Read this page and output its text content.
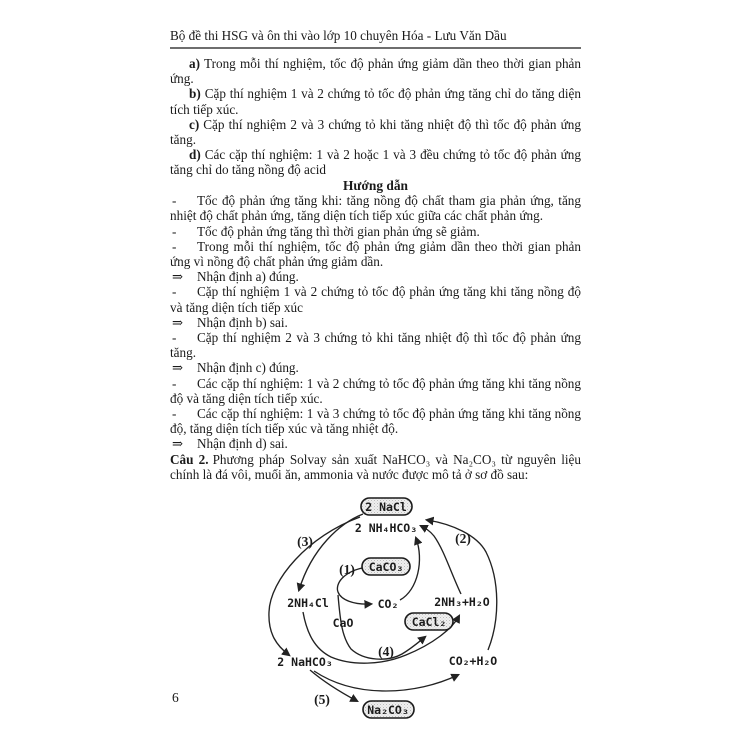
Bộ đề thi HSG và ôn thi vào lớp 10 chuyên Hóa - Lưu Văn Dầu

a) Trong mỗi thí nghiệm, tốc độ phản ứng giảm dần theo thời gian phản ứng.

b) Cặp thí nghiệm 1 và 2 chứng tỏ tốc độ phản ứng tăng chỉ do tăng diện tích tiếp xúc.

c) Cặp thí nghiệm 2 và 3 chứng tỏ khi tăng nhiệt độ thì tốc độ phản ứng tăng.

d) Các cặp thí nghiệm: 1 và 2 hoặc 1 và 3 đều chứng tỏ tốc độ phản ứng tăng chỉ do tăng nồng độ acid

Hướng dẫn

- Tốc độ phản ứng tăng khi: tăng nồng độ chất tham gia phản ứng, tăng nhiệt độ chất phản ứng, tăng diện tích tiếp xúc giữa các chất phản ứng.

- Tốc độ phản ứng tăng thì thời gian phản ứng sẽ giảm.

- Trong mỗi thí nghiệm, tốc độ phản ứng giảm dần theo thời gian phản ứng vì nồng độ chất phản ứng giảm dần.

⇒ Nhận định a) đúng.

- Cặp thí nghiệm 1 và 2 chứng tỏ tốc độ phản ứng tăng khi tăng nồng độ và tăng diện tích tiếp xúc

⇒ Nhận định b) sai.

- Cặp thí nghiệm 2 và 3 chứng tỏ khi tăng nhiệt độ thì tốc độ phản ứng tăng.

⇒ Nhận định c) đúng.

- Các cặp thí nghiệm: 1 và 2 chứng tỏ tốc độ phản ứng tăng khi tăng nồng độ và tăng diện tích tiếp xúc.

- Các cặp thí nghiệm: 1 và 3 chứng tỏ tốc độ phản ứng tăng khi tăng nồng độ, tăng diện tích tiếp xúc và tăng nhiệt độ.

⇒ Nhận định d) sai.

Câu 2. Phương pháp Solvay sản xuất NaHCO₃ và Na₂CO₃ từ nguyên liệu chính là đá vôi, muối ăn, ammonia và nước được mô tả ở sơ đồ sau:

2 NaCl
CaCO₃
CaCl₂
Na₂CO₃
2 NH₄HCO₃
2NH₄Cl	CO₂	2NH₃+H₂O
CaO
2 NaHCO₃	CO₂+H₂O
(1)
(2)
(3)
(4)
(5)
6
